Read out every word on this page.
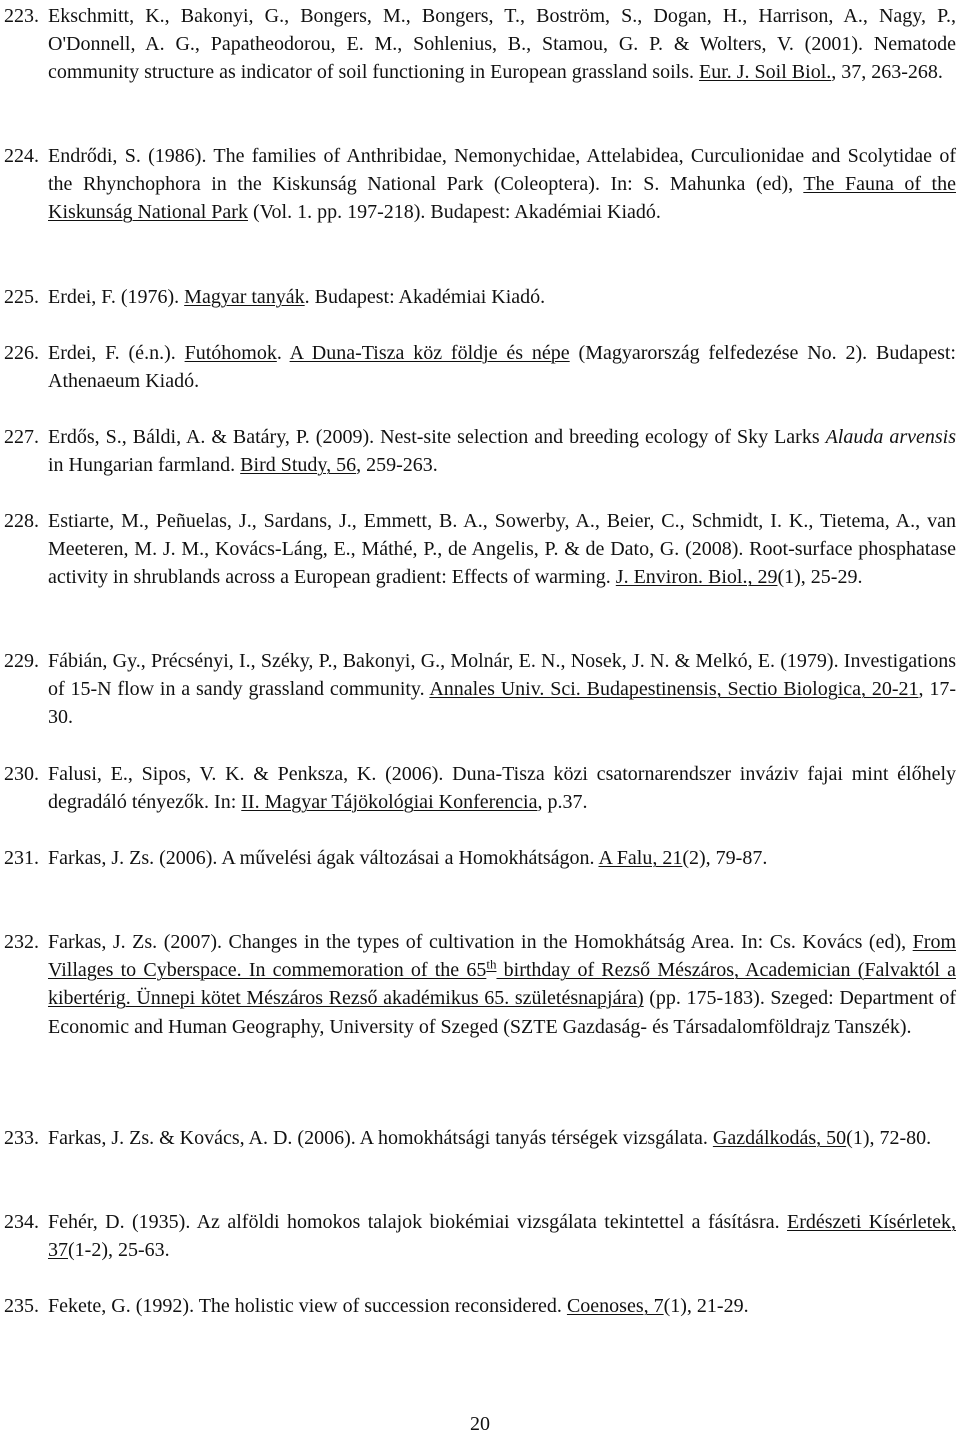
223. Ekschmitt, K., Bakonyi, G., Bongers, M., Bongers, T., Boström, S., Dogan, H., Harrison, A., Nagy, P., O'Donnell, A. G., Papatheodorou, E. M., Sohlenius, B., Stamou, G. P. & Wolters, V. (2001). Nematode community structure as indicator of soil functioning in European grassland soils. Eur. J. Soil Biol., 37, 263-268.
224. Endrődi, S. (1986). The families of Anthribidae, Nemonychidae, Attelabidea, Curculionidae and Scolytidae of the Rhynchophora in the Kiskunság National Park (Coleoptera). In: S. Mahunka (ed), The Fauna of the Kiskunság National Park (Vol. 1. pp. 197-218). Budapest: Akadémiai Kiadó.
225. Erdei, F. (1976). Magyar tanyák. Budapest: Akadémiai Kiadó.
226. Erdei, F. (é.n.). Futóhomok. A Duna-Tisza köz földje és népe (Magyarország felfedezése No. 2). Budapest: Athenaeum Kiadó.
227. Erdős, S., Báldi, A. & Batáry, P. (2009). Nest-site selection and breeding ecology of Sky Larks Alauda arvensis in Hungarian farmland. Bird Study, 56, 259-263.
228. Estiarte, M., Peñuelas, J., Sardans, J., Emmett, B. A., Sowerby, A., Beier, C., Schmidt, I. K., Tietema, A., van Meeteren, M. J. M., Kovács-Láng, E., Máthé, P., de Angelis, P. & de Dato, G. (2008). Root-surface phosphatase activity in shrublands across a European gradient: Effects of warming. J. Environ. Biol., 29(1), 25-29.
229. Fábián, Gy., Précsényi, I., Széky, P., Bakonyi, G., Molnár, E. N., Nosek, J. N. & Melkó, E. (1979). Investigations of 15-N flow in a sandy grassland community. Annales Univ. Sci. Budapestinensis, Sectio Biologica, 20-21, 17-30.
230. Falusi, E., Sipos, V. K. & Penksza, K. (2006). Duna-Tisza közi csatornarendszer inváziv fajai mint élőhely degradáló tényezők. In: II. Magyar Tájökológiai Konferencia, p.37.
231. Farkas, J. Zs. (2006). A művelési ágak változásai a Homokhátságon. A Falu, 21(2), 79-87.
232. Farkas, J. Zs. (2007). Changes in the types of cultivation in the Homokhátság Area. In: Cs. Kovács (ed), From Villages to Cyberspace. In commemoration of the 65th birthday of Rezső Mészáros, Academician (Falvaktól a kibertérig. Ünnepi kötet Mészáros Rezső akadémikus 65. születésnapjára) (pp. 175-183). Szeged: Department of Economic and Human Geography, University of Szeged (SZTE Gazdaság- és Társadalomföldrajz Tanszék).
233. Farkas, J. Zs. & Kovács, A. D. (2006). A homokhátsági tanyás térségek vizsgálata. Gazdálkodás, 50(1), 72-80.
234. Fehér, D. (1935). Az alföldi homokos talajok biokémiai vizsgálata tekintettel a fásításra. Erdészeti Kísérletek, 37(1-2), 25-63.
235. Fekete, G. (1992). The holistic view of succession reconsidered. Coenoses, 7(1), 21-29.
20
